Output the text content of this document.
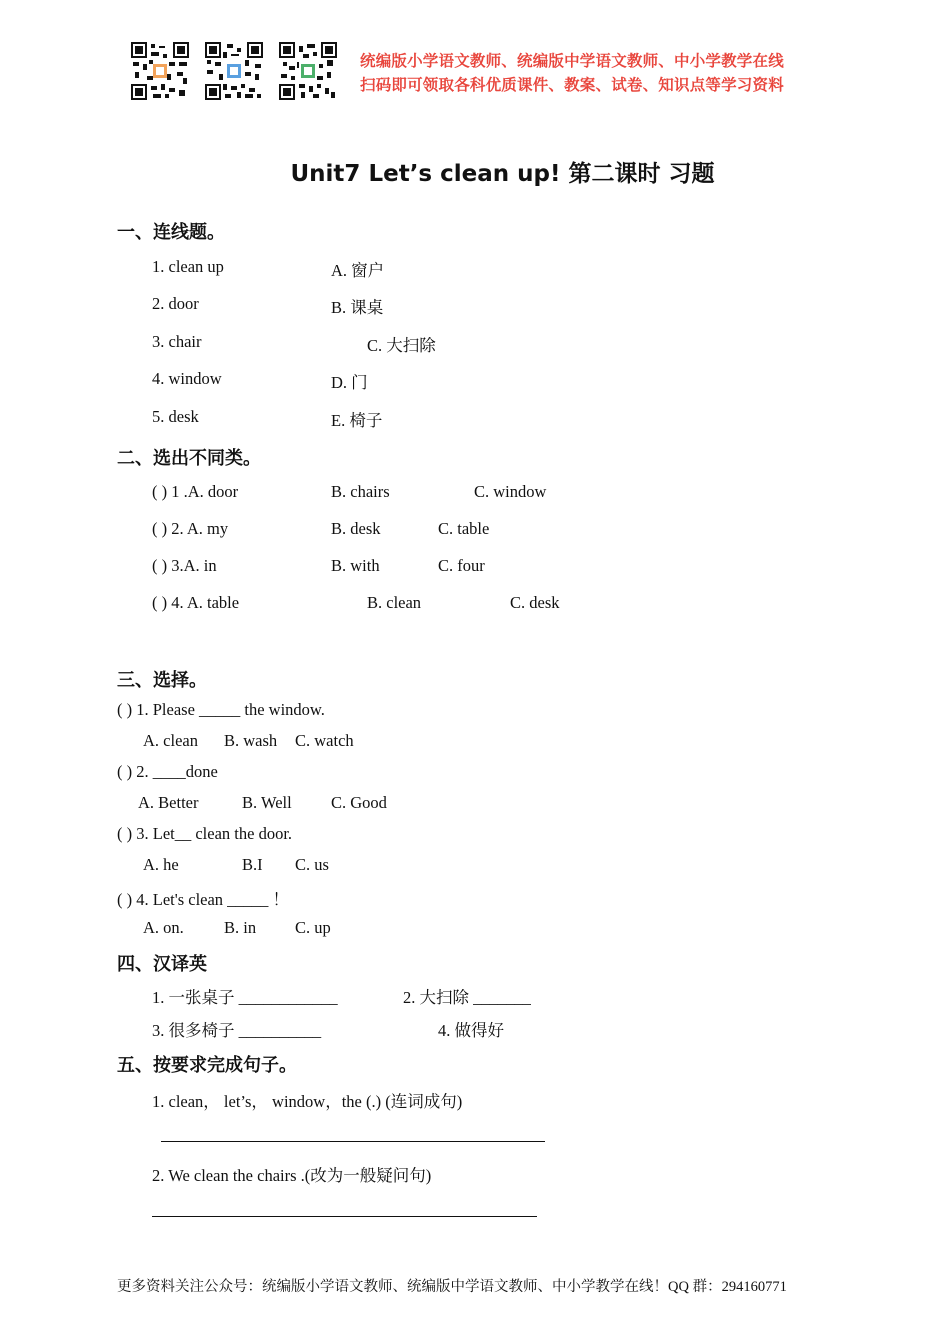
统编版小学语文教师、统编版中学语文教师、中小学教学在线
扫码即可领取各科优质课件、教案、试卷、知识点等学习资料
Unit7 Let’s clean up! 第二课时 习题
一、连线题。
1. clean up	A. 窗户
2. door	B. 课桌
3. chair	C. 大扫除
4. window	D. 门
5. desk	E. 椅子
二、选出不同类。
( ) 1 .A. door	B. chairs	C. window
( ) 2. A. my	B. desk	C. table
( ) 3.A. in	B. with	C. four
( ) 4. A. table	B. clean	C. desk
三、选择。
( ) 1. Please _____ the window.
A. clean B. wash C. watch
( ) 2. ____done
A. Better	B. Well C. Good
( ) 3. Let__ clean the door.
A. he	B.I C. us
( ) 4. Let's clean _____ ！
A. on. B. in C. up
四、汉译英
1. 一张桌子 ____________	2. 大扫除 _______
3. 很多椅子 __________	4. 做得好
五、按要求完成句子。
1. clean， let’s， window，the (.) (连词成句)
2. We clean the chairs .(改为一般疑问句)
更多资料关注公众号：统编版小学语文教师、统编版中学语文教师、中小学教学在线！QQ 群：294160771
